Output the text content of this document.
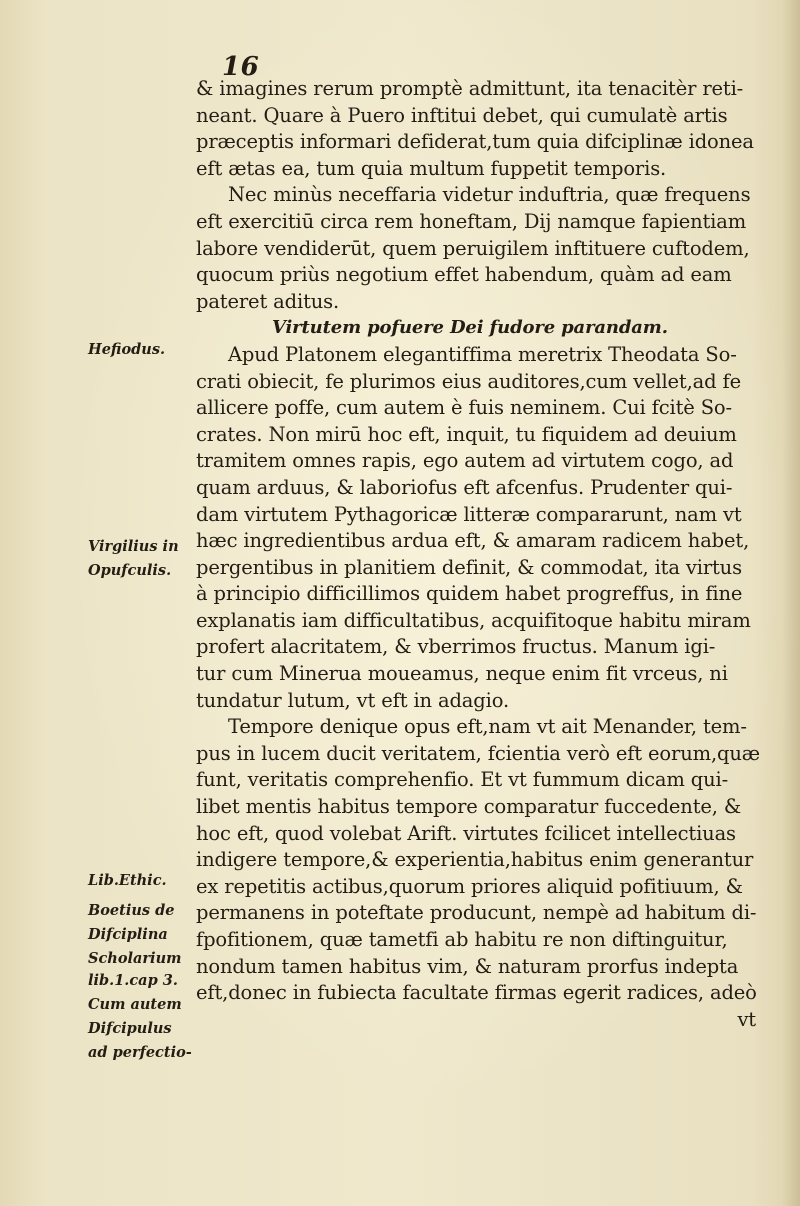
16
& imagines rerum promptè admittunt, ita tenacitèr reti-
neant. Quare à Puero inftitui debet, qui cumulatè artis
præceptis informari defiderat,tum quia difciplinæ idonea
eft ætas ea, tum quia multum fuppetit temporis.
Nec minùs neceffaria videtur induftria, quæ frequens
eft exercitiū circa rem honeftam, Dij namque fapientiam
labore vendiderūt, quem peruigilem inftituere cuftodem,
quocum priùs negotium effet habendum, quàm ad eam
pateret aditus.
Virtutem pofuere Dei fudore parandam.
Apud Platonem elegantiffima meretrix Theodata So-
crati obiecit, fe plurimos eius auditores,cum vellet,ad fe
allicere poffe, cum autem è fuis neminem. Cui fcitè So-
crates. Non mirū hoc eft, inquit, tu fiquidem ad deuium
tramitem omnes rapis, ego autem ad virtutem cogo, ad
quam arduus, & laboriofus eft afcenfus. Prudenter qui-
dam virtutem Pythagoricæ litteræ compararunt, nam vt
hæc ingredientibus ardua eft, & amaram radicem habet,
pergentibus in planitiem definit, & commodat, ita virtus
à principio difficillimos quidem habet progreffus, in fine
explanatis iam difficultatibus, acquifitoque habitu miram
profert alacritatem, & vberrimos fructus. Manum igi-
tur cum Minerua moueamus, neque enim fit vrceus, ni
tundatur lutum, vt eft in adagio.
Tempore denique opus eft,nam vt ait Menander, tem-
pus in lucem ducit veritatem, fcientia verò eft eorum,quæ
funt, veritatis comprehenfio. Et vt fummum dicam qui-
libet mentis habitus tempore comparatur fuccedente, &
hoc eft, quod volebat Arift. virtutes fcilicet intellectiuas
indigere tempore,& experientia,habitus enim generantur
ex repetitis actibus,quorum priores aliquid pofitiuum, &
permanens in poteftate producunt, nempè ad habitum di-
fpofitionem, quæ tametfi ab habitu re non diftinguitur,
nondum tamen habitus vim, & naturam prorfus indepta
eft,donec in fubiecta facultate firmas egerit radices, adeò
vt
Hefiodus.
Virgilius in
Opufculis.
Lib.Ethic.
Boetius de
Difciplina
Scholarium
lib.1.cap 3.
Cum autem
Difcipulus
ad perfectio-
